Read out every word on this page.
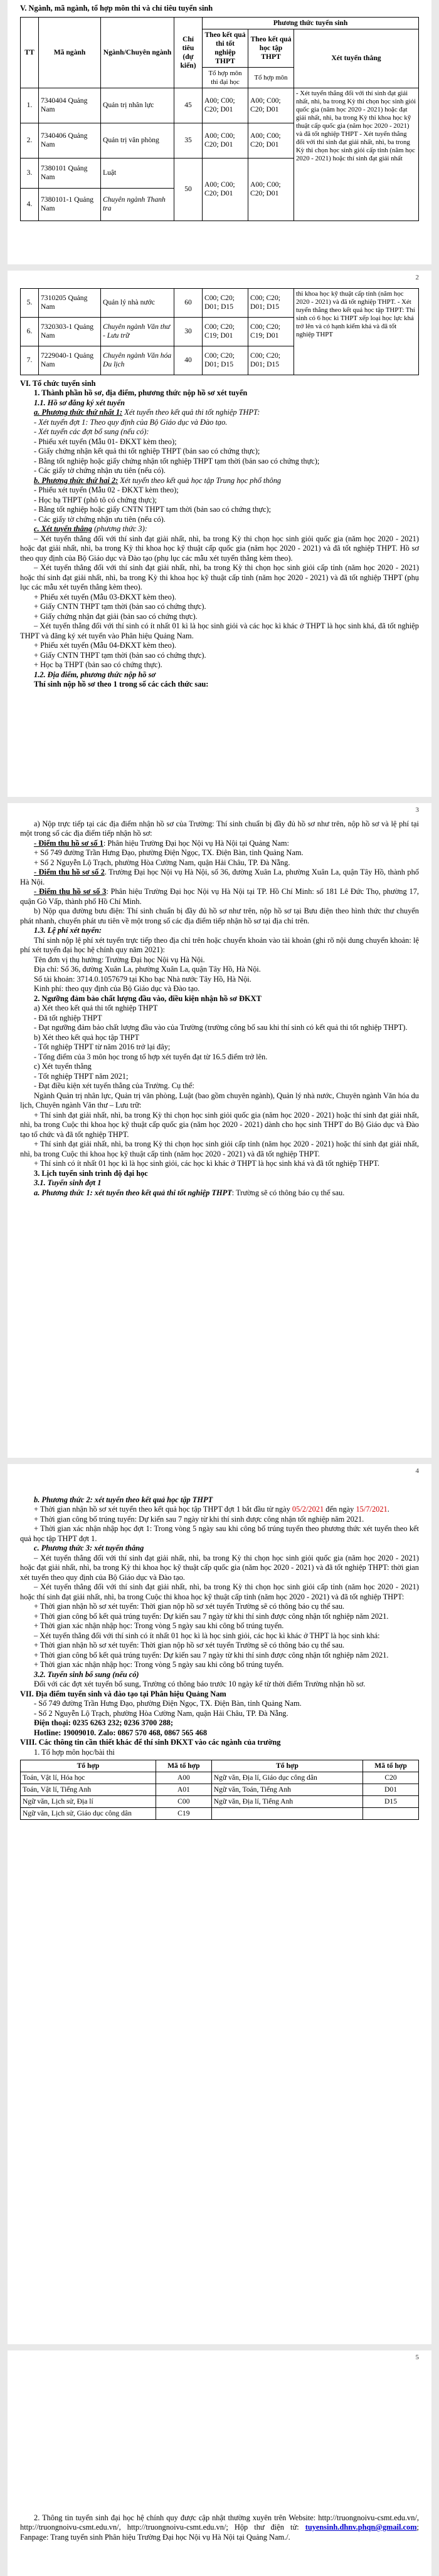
V. Ngành, mã ngành, tổ hợp môn thi và chỉ tiêu tuyển sinh

TT	Mã ngành	Ngành/Chuyên ngành	Chỉ tiêu (dự kiến)	Phương thức tuyển sinh		
				Theo kết quả thi tốt nghiệp THPT	Theo kết quả học tập THPT	Xét tuyển thẳng
				Tổ hợp môn thi đại học	Tổ hợp môn	
1.	7340404 Quảng Nam	Quản trị nhân lực	45	A00; C00; C20; D01	A00; C00; C20; D01	- Xét tuyển thẳng đối với thí sinh đạt giải nhất, nhì, ba trong Kỳ thi chọn học sinh giỏi quốc gia (năm học 2020 - 2021) hoặc đạt giải nhất, nhì, ba trong Kỳ thi khoa học kỹ thuật cấp quốc gia (năm học 2020 - 2021) và đã tốt nghiệp THPT - Xét tuyển thẳng đối với thí sinh đạt giải nhất, nhì, ba trong Kỳ thi chọn học sinh giỏi cấp tỉnh (năm học 2020 - 2021) hoặc thí sinh đạt giải nhất
2.	7340406 Quảng Nam	Quản trị văn phòng	35	A00; C00; C20; D01	A00; C00; C20; D01	
3.	7380101 Quảng Nam	Luật	50	A00; C00; C20; D01	A00; C00; C20; D01	
4.	7380101-1 Quảng Nam	Chuyên ngành Thanh tra				
2
5.	7310205 Quảng Nam	Quản lý nhà nước	60	C00; C20; D01; D15	C00; C20; D01; D15	thi khoa học kỹ thuật cấp tỉnh (năm học 2020 - 2021) và đã tốt nghiệp THPT. - Xét tuyển thẳng theo kết quả học tập THPT: Thí sinh có 6 học kì THPT xếp loại học lực khá trở lên và có hạnh kiểm khá và đã tốt nghiệp THPT
6.	7320303-1 Quảng Nam	Chuyên ngành Văn thư - Lưu trữ	30	C00; C20; C19; D01	C00; C20; C19; D01	
7.	7229040-1 Quảng Nam	Chuyên ngành Văn hóa Du lịch	40	C00; C20; D01; D15	C00; C20; D01; D15	

VI. Tổ chức tuyển sinh

1. Thành phần hồ sơ, địa điểm, phương thức nộp hồ sơ xét tuyển

1.1. Hồ sơ đăng ký xét tuyển

a. Phương thức thứ nhất 1: Xét tuyển theo kết quả thi tốt nghiệp THPT:

- Xét tuyển đợt 1: Theo quy định của Bộ Giáo dục và Đào tạo.

- Xét tuyển các đợt bổ sung (nếu có):

- Phiếu xét tuyển (Mẫu 01- ĐKXT kèm theo);

- Giấy chứng nhận kết quả thi tốt nghiệp THPT (bản sao có chứng thực);

- Bằng tốt nghiệp hoặc giấy chứng nhận tốt nghiệp THPT tạm thời (bản sao có chứng thực);

- Các giấy tờ chứng nhận ưu tiên (nếu có).

b. Phương thức thứ hai 2: Xét tuyển theo kết quả học tập Trung học phổ thông

- Phiếu xét tuyển (Mẫu 02 - ĐKXT kèm theo);

- Học bạ THPT (phô tô có chứng thực);

- Bằng tốt nghiệp hoặc giấy CNTN THPT tạm thời (bản sao có chứng thực);

- Các giấy tờ chứng nhận ưu tiên (nếu có).

c. Xét tuyển thẳng (phương thức 3):

– Xét tuyển thẳng đối với thí sinh đạt giải nhất, nhì, ba trong Kỳ thi chọn học sinh giỏi quốc gia (năm học 2020 - 2021) hoặc đạt giải nhất, nhì, ba trong Kỳ thi khoa học kỹ thuật cấp quốc gia (năm học 2020 - 2021) và đã tốt nghiệp THPT. Hồ sơ theo quy định của Bộ Giáo dục và Đào tạo (phụ lục các mẫu xét tuyển thẳng kèm theo).

– Xét tuyển thẳng đối với thí sinh đạt giải nhất, nhì, ba trong Kỳ thi chọn học sinh giỏi cấp tỉnh (năm học 2020 - 2021) hoặc thí sinh đạt giải nhất, nhì, ba trong Kỳ thi khoa học kỹ thuật cấp tỉnh (năm học 2020 - 2021) và đã tốt nghiệp THPT (phụ lục các mẫu xét tuyển thẳng kèm theo).

+ Phiếu xét tuyển (Mẫu 03-ĐKXT kèm theo).

+ Giấy CNTN THPT tạm thời (bản sao có chứng thực).

+ Giấy chứng nhận đạt giải (bản sao có chứng thực).

– Xét tuyển thẳng đối với thí sinh có ít nhất 01 kì là học sinh giỏi và các học kì khác ở THPT là học sinh khá, đã tốt nghiệp THPT và đăng ký xét tuyển vào Phân hiệu Quảng Nam.

+ Phiếu xét tuyển (Mẫu 04-ĐKXT kèm theo).

+ Giấy CNTN THPT tạm thời (bản sao có chứng thực).

+ Học bạ THPT (bản sao có chứng thực).

1.2. Địa điểm, phương thức nộp hồ sơ

Thí sinh nộp hồ sơ theo 1 trong số các cách thức sau:

3

a) Nộp trực tiếp tại các địa điểm nhận hồ sơ của Trường: Thí sinh chuẩn bị đầy đủ hồ sơ như trên, nộp hồ sơ và lệ phí tại một trong số các địa điểm tiếp nhận hồ sơ:

- Điểm thu hồ sơ số 1: Phân hiệu Trường Đại học Nội vụ Hà Nội tại Quảng Nam:

+ Số 749 đường Trần Hưng Đạo, phường Điện Ngọc, TX. Điện Bàn, tỉnh Quảng Nam.

+ Số 2 Nguyễn Lộ Trạch, phường Hòa Cường Nam, quận Hải Châu, TP. Đà Nẵng.

- Điểm thu hồ sơ số 2. Trường Đại học Nội vụ Hà Nội, số 36, đường Xuân La, phường Xuân La, quận Tây Hồ, thành phố Hà Nội.

- Điểm thu hồ sơ số 3: Phân hiệu Trường Đại học Nội vụ Hà Nội tại TP. Hồ Chí Minh: số 181 Lê Đức Thọ, phường 17, quận Gò Vấp, thành phố Hồ Chí Minh.

b) Nộp qua đường bưu điện: Thí sinh chuẩn bị đầy đủ hồ sơ như trên, nộp hồ sơ tại Bưu điện theo hình thức thư chuyển phát nhanh, chuyển phát ưu tiên về một trong số các địa điểm tiếp nhận hồ sơ tại địa chỉ trên.

1.3. Lệ phí xét tuyển:

Thí sinh nộp lệ phí xét tuyển trực tiếp theo địa chỉ trên hoặc chuyển khoản vào tài khoản (ghi rõ nội dung chuyển khoản: lệ phí xét tuyển đại học hệ chính quy năm 2021):

Tên đơn vị thụ hưởng: Trường Đại học Nội vụ Hà Nội.

Địa chỉ: Số 36, đường Xuân La, phường Xuân La, quận Tây Hồ, Hà Nội.

Số tài khoản: 3714.0.1057679 tại Kho bạc Nhà nước Tây Hồ, Hà Nội.

Kinh phí: theo quy định của Bộ Giáo dục và Đào tạo.

2. Ngưỡng đảm bảo chất lượng đầu vào, điều kiện nhận hồ sơ ĐKXT

a) Xét theo kết quả thi tốt nghiệp THPT

- Đã tốt nghiệp THPT

- Đạt ngưỡng đảm bảo chất lượng đầu vào của Trường (trường công bố sau khi thí sinh có kết quả thi tốt nghiệp THPT).

b) Xét theo kết quả học tập THPT

- Tốt nghiệp THPT từ năm 2016 trở lại đây;

- Tổng điểm của 3 môn học trong tổ hợp xét tuyển đạt từ 16.5 điểm trở lên.

c) Xét tuyển thẳng

- Tốt nghiệp THPT năm 2021;

- Đạt điều kiện xét tuyển thẳng của Trường. Cụ thể:

Ngành Quản trị nhân lực, Quản trị văn phòng, Luật (bao gồm chuyên ngành), Quản lý nhà nước, Chuyên ngành Văn hóa du lịch, Chuyên ngành Văn thư – Lưu trữ:

+ Thí sinh đạt giải nhất, nhì, ba trong Kỳ thi chọn học sinh giỏi quốc gia (năm học 2020 - 2021) hoặc thí sinh đạt giải nhất, nhì, ba trong Cuộc thi khoa học kỹ thuật cấp quốc gia (năm học 2020 - 2021) dành cho học sinh THPT do Bộ Giáo dục và Đào tạo tổ chức và đã tốt nghiệp THPT.

+ Thí sinh đạt giải nhất, nhì, ba trong Kỳ thi chọn học sinh giỏi cấp tỉnh (năm học 2020 - 2021) hoặc thí sinh đạt giải nhất, nhì, ba trong Cuộc thi khoa học kỹ thuật cấp tỉnh (năm học 2020 - 2021) và đã tốt nghiệp THPT.

+ Thí sinh có ít nhất 01 học kì là học sinh giỏi, các học kì khác ở THPT là học sinh khá và đã tốt nghiệp THPT.

3. Lịch tuyển sinh trình độ đại học

3.1. Tuyển sinh đợt 1

a. Phương thức 1: xét tuyển theo kết quả thi tốt nghiệp THPT: Trường sẽ có thông báo cụ thể sau.

4

b. Phương thức 2: xét tuyển theo kết quả học tập THPT

+ Thời gian nhận hồ sơ xét tuyển theo kết quả học tập THPT đợt 1 bắt đầu từ ngày 05/2/2021 đến ngày 15/7/2021.

+ Thời gian công bố trúng tuyển: Dự kiến sau 7 ngày từ khi thí sinh được công nhận tốt nghiệp năm 2021.

+ Thời gian xác nhận nhập học đợt 1: Trong vòng 5 ngày sau khi công bố trúng tuyển theo phương thức xét tuyển theo kết quả học tập THPT đợt 1.

c. Phương thức 3: xét tuyển thẳng

– Xét tuyển thẳng đối với thí sinh đạt giải nhất, nhì, ba trong Kỳ thi chọn học sinh giỏi quốc gia (năm học 2020 - 2021) hoặc đạt giải nhất, nhì, ba trong Kỳ thi khoa học kỹ thuật cấp quốc gia (năm học 2020 - 2021) và đã tốt nghiệp THPT: thời gian xét tuyển theo quy định của Bộ Giáo dục và Đào tạo.

– Xét tuyển thẳng đối với thí sinh đạt giải nhất, nhì, ba trong Kỳ thi chọn học sinh giỏi cấp tỉnh (năm học 2020 - 2021) hoặc thí sinh đạt giải nhất, nhì, ba trong Cuộc thi khoa học kỹ thuật cấp tỉnh (năm học 2020 - 2021) và đã tốt nghiệp THPT:

+ Thời gian nhận hồ sơ xét tuyển: Thời gian nộp hồ sơ xét tuyển Trường sẽ có thông báo cụ thể sau.

+ Thời gian công bố kết quả trúng tuyển: Dự kiến sau 7 ngày từ khi thí sinh được công nhận tốt nghiệp năm 2021.

+ Thời gian xác nhận nhập học: Trong vòng 5 ngày sau khi công bố trúng tuyển.

– Xét tuyển thẳng đối với thí sinh có ít nhất 01 học kì là học sinh giỏi, các học kì khác ở THPT là học sinh khá:

+ Thời gian nhận hồ sơ xét tuyển: Thời gian nộp hồ sơ xét tuyển Trường sẽ có thông báo cụ thể sau.

+ Thời gian công bố kết quả trúng tuyển: Dự kiến sau 7 ngày từ khi thí sinh được công nhận tốt nghiệp năm 2021.

+ Thời gian xác nhận nhập học: Trong vòng 5 ngày sau khi công bố trúng tuyển.

3.2. Tuyển sinh bổ sung (nếu có)

Đối với các đợt xét tuyển bổ sung, Trường có thông báo trước 10 ngày kể từ thời điểm Trường nhận hồ sơ.

VII. Địa điểm tuyển sinh và đào tạo tại Phân hiệu Quảng Nam

- Số 749 đường Trần Hưng Đạo, phường Điện Ngọc, TX. Điện Bàn, tỉnh Quảng Nam.

- Số 2 Nguyễn Lộ Trạch, phường Hòa Cường Nam, quận Hải Châu, TP. Đà Nẵng.

Điện thoại: 0235 6263 232; 0236 3700 288;

Hotline: 19009010. Zalo: 0867 570 468, 0867 565 468

VIII. Các thông tin cần thiết khác để thí sinh ĐKXT vào các ngành của trường

1. Tổ hợp môn học/bài thi

Tổ hợp	Mã tổ hợp	Tổ hợp	Mã tổ hợp
Toán, Vật lí, Hóa học	A00	Ngữ văn, Địa lí, Giáo dục công dân	C20
Toán, Vật lí, Tiếng Anh	A01	Ngữ văn, Toán, Tiếng Anh	D01
Ngữ văn, Lịch sử, Địa lí	C00	Ngữ văn, Địa lí, Tiếng Anh	D15
Ngữ văn, Lịch sử, Giáo dục công dân	C19		
5

2. Thông tin tuyển sinh đại học hệ chính quy được cập nhật thường xuyên trên Website: http://truongnoivu-csmt.edu.vn/, http://truongnoivu-csmt.edu.vn/, http://truongnoivu-csmt.edu.vn/; Hộp thư điện tử: tuyensinh.dhnv.phqn@gmail.com; Fanpage: Trang tuyển sinh Phân hiệu Trường Đại học Nội vụ Hà Nội tại Quảng Nam./.
